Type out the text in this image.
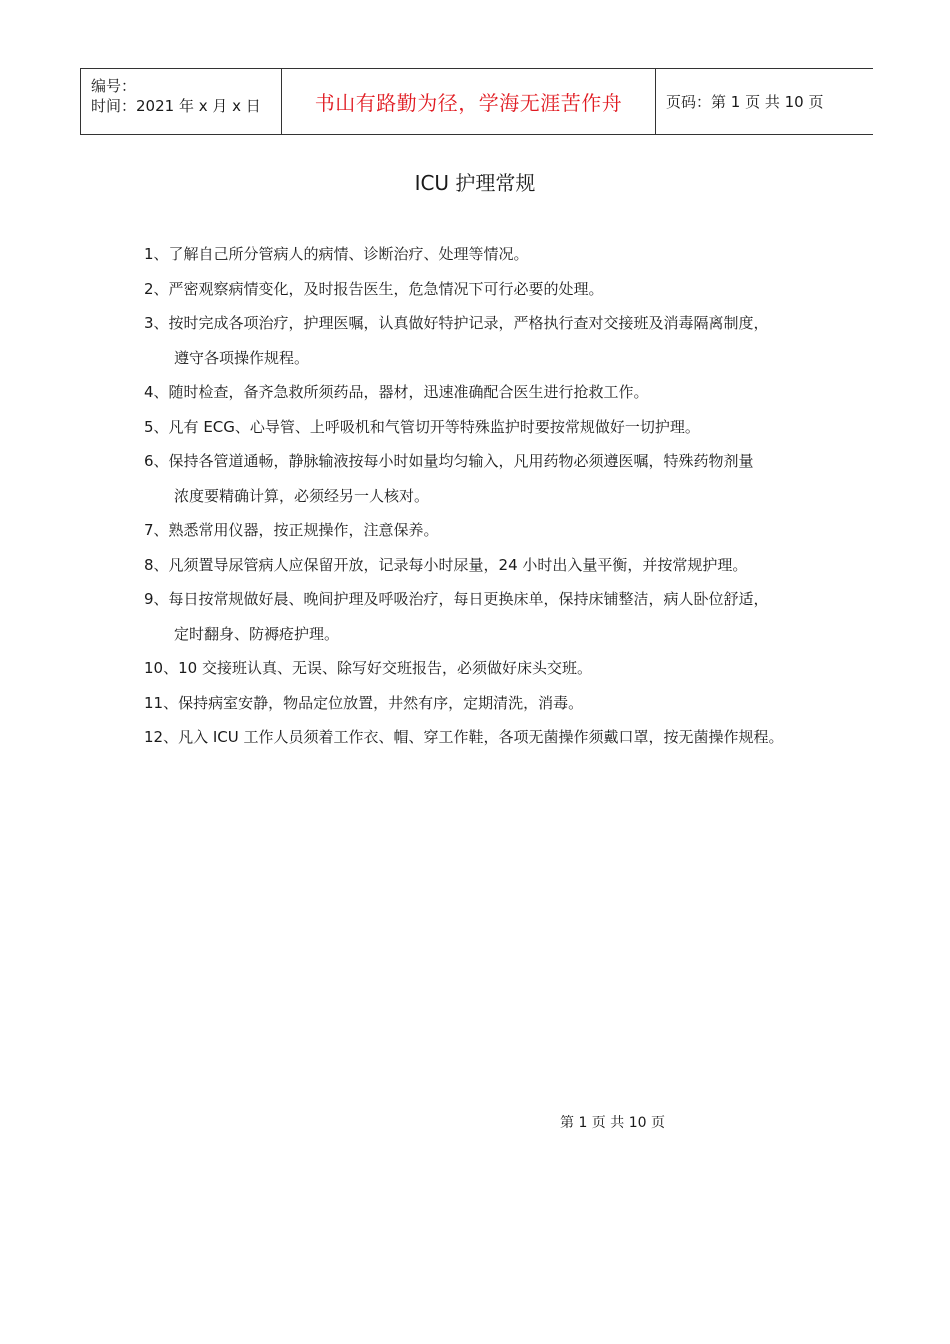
编号：
时间：2021 年 x 月 x 日	书山有路勤为径，学海无涯苦作舟	页码：第 1 页 共 10 页
ICU 护理常规
1、了解自己所分管病人的病情、诊断治疗、处理等情况。
2、严密观察病情变化，及时报告医生，危急情况下可行必要的处理。
3、按时完成各项治疗，护理医嘱，认真做好特护记录，严格执行查对交接班及消毒隔离制度，
遵守各项操作规程。
4、随时检查，备齐急救所须药品，器材，迅速准确配合医生进行抢救工作。
5、凡有 ECG、心导管、上呼吸机和气管切开等特殊监护时要按常规做好一切护理。
6、保持各管道通畅，静脉输液按每小时如量均匀输入，凡用药物必须遵医嘱，特殊药物剂量
浓度要精确计算，必须经另一人核对。
7、熟悉常用仪器，按正规操作，注意保养。
8、凡须置导尿管病人应保留开放，记录每小时尿量，24 小时出入量平衡，并按常规护理。
9、每日按常规做好晨、晚间护理及呼吸治疗，每日更换床单，保持床铺整洁，病人卧位舒适，
定时翻身、防褥疮护理。
10、10 交接班认真、无误、除写好交班报告，必须做好床头交班。
11、保持病室安静，物品定位放置，井然有序，定期清洗，消毒。
12、凡入 ICU 工作人员须着工作衣、帽、穿工作鞋，各项无菌操作须戴口罩，按无菌操作规程。
第 1 页 共 10 页
